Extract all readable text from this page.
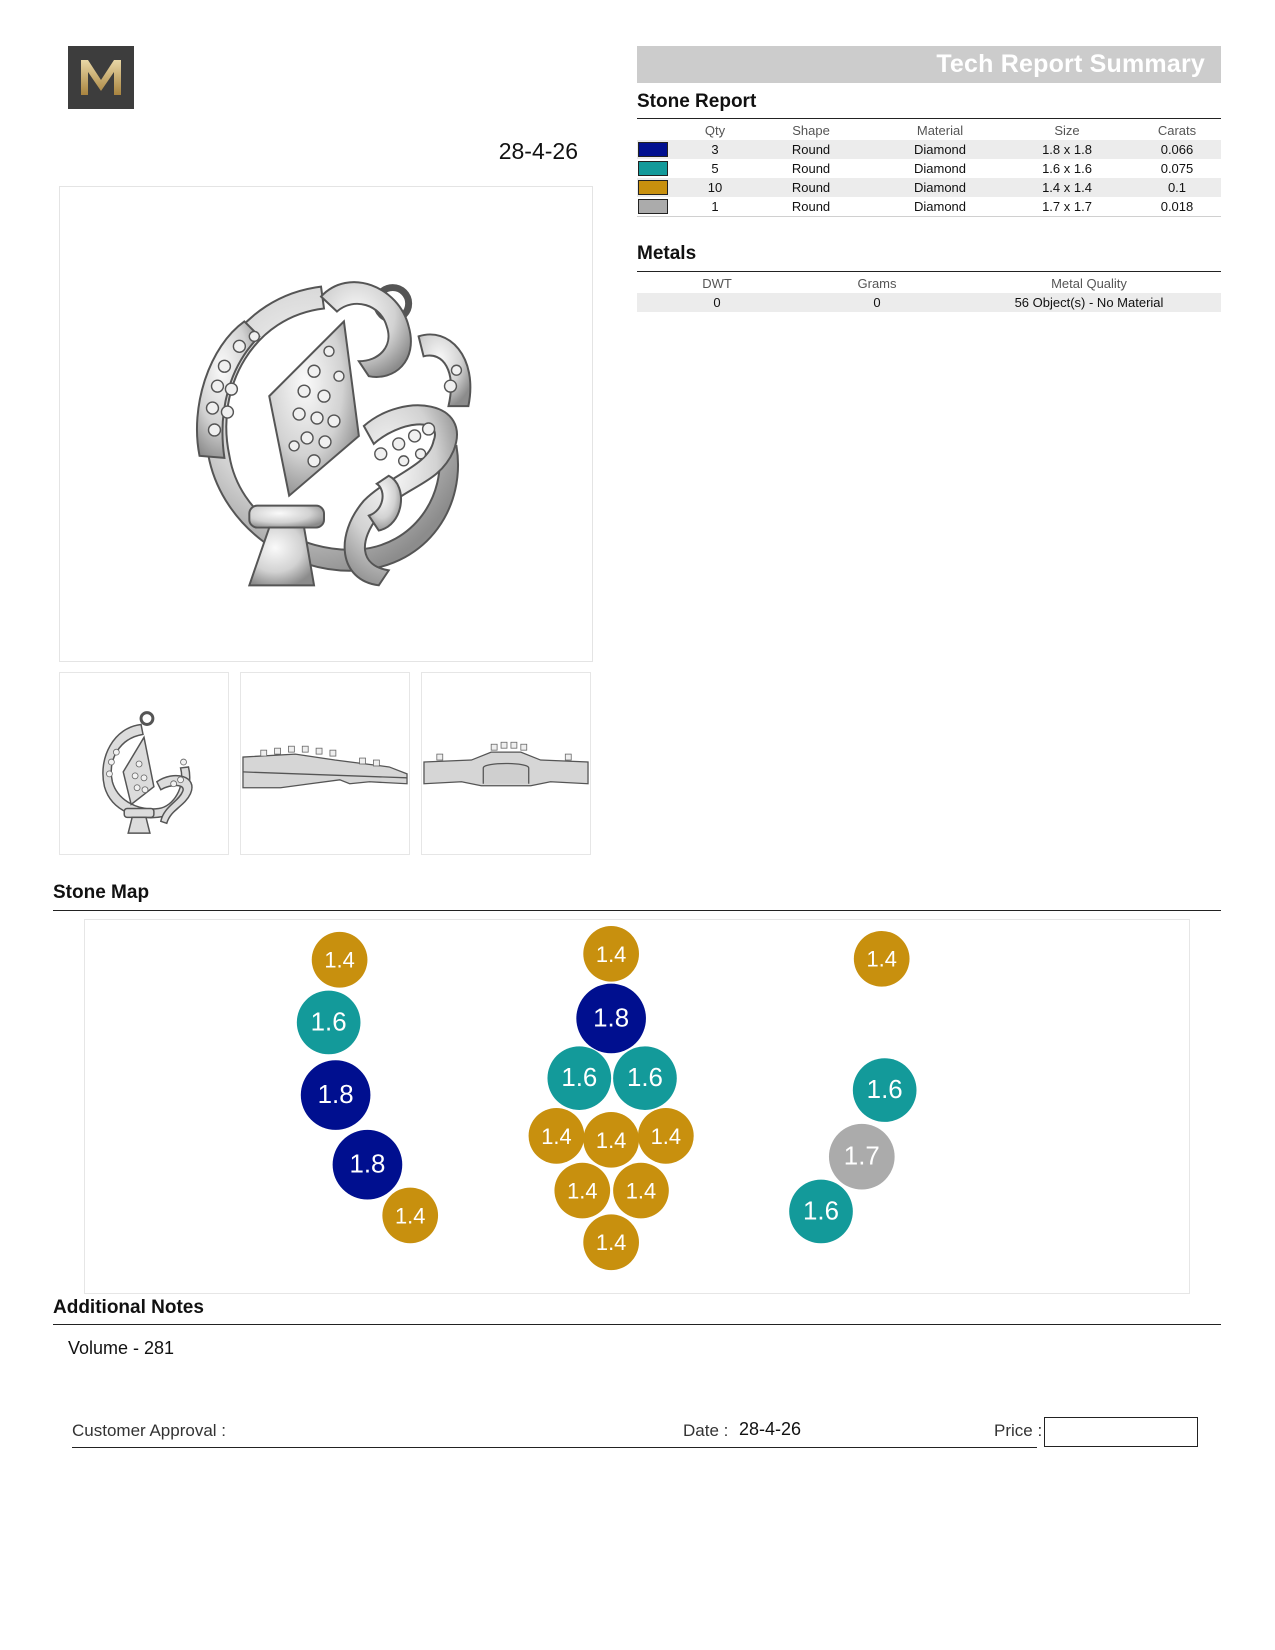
Tech Report Summary
28-4-26
Stone Report
	Qty	Shape	Material	Size	Carats

	3	Round	Diamond	1.8 x 1.8	0.066

	5	Round	Diamond	1.6 x 1.6	0.075

	10	Round	Diamond	1.4 x 1.4	0.1

	1	Round	Diamond	1.7 x 1.7	0.018
Metals
DWT	Grams	Metal Quality
0	0	56 Object(s) - No Material
Stone Map
1.4
1.6
1.8
1.8
1.4
1.4
1.8
1.6 1.6
1.4 1.4 1.4
1.4 1.4
1.4
1.4
1.6
1.7
1.6
Additional Notes
Volume - 281
Customer Approval :	Date : 28-4-26	Price :
